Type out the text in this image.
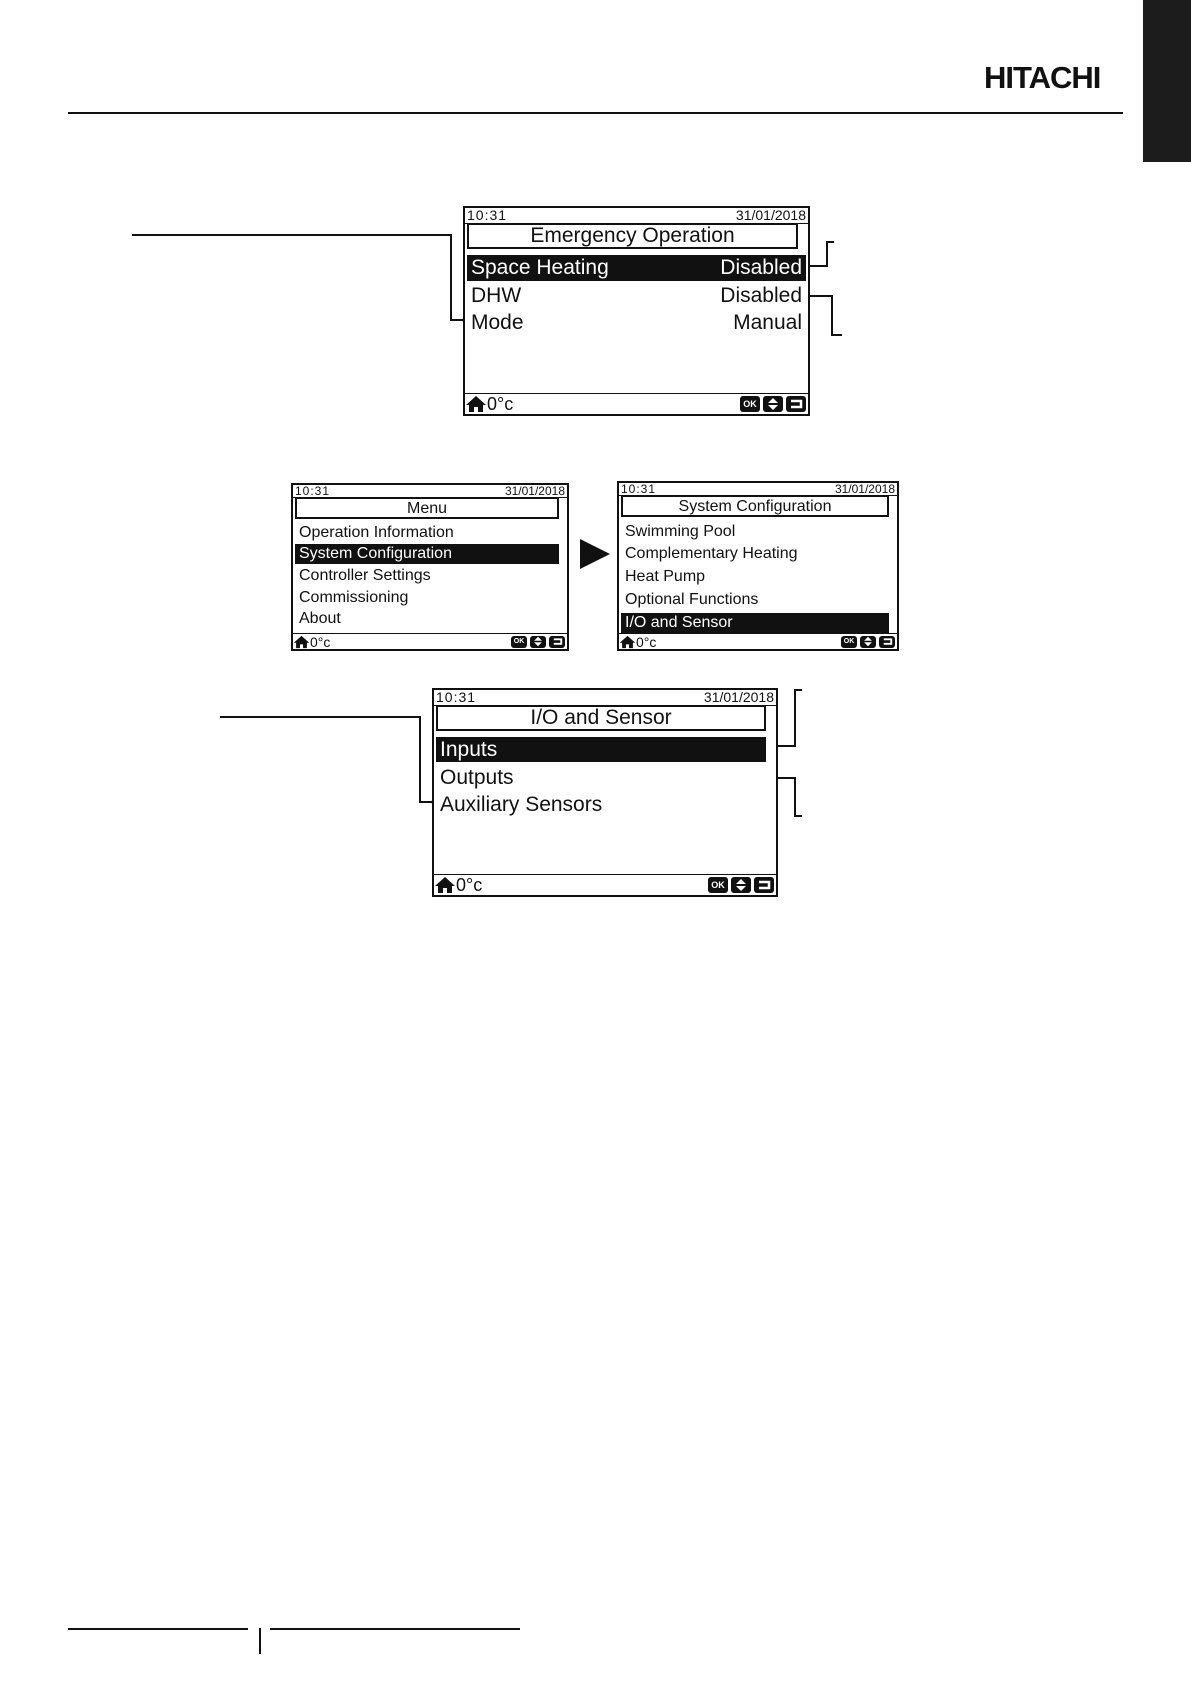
HITACHI
10:31	31/01/2018
Emergency Operation
Space Heating	Disabled
DHW	Disabled
Mode	Manual
0°c	OK
10:31	31/01/2018
Menu
Operation Information
System Configuration
Controller Settings
Commissioning
About
0°c	OK
10:31	31/01/2018
System Configuration
Swimming Pool
Complementary Heating
Heat Pump
Optional Functions
I/O and Sensor
0°c	OK
10:31	31/01/2018
I/O and Sensor
Inputs
Outputs
Auxiliary Sensors
0°c	OK
